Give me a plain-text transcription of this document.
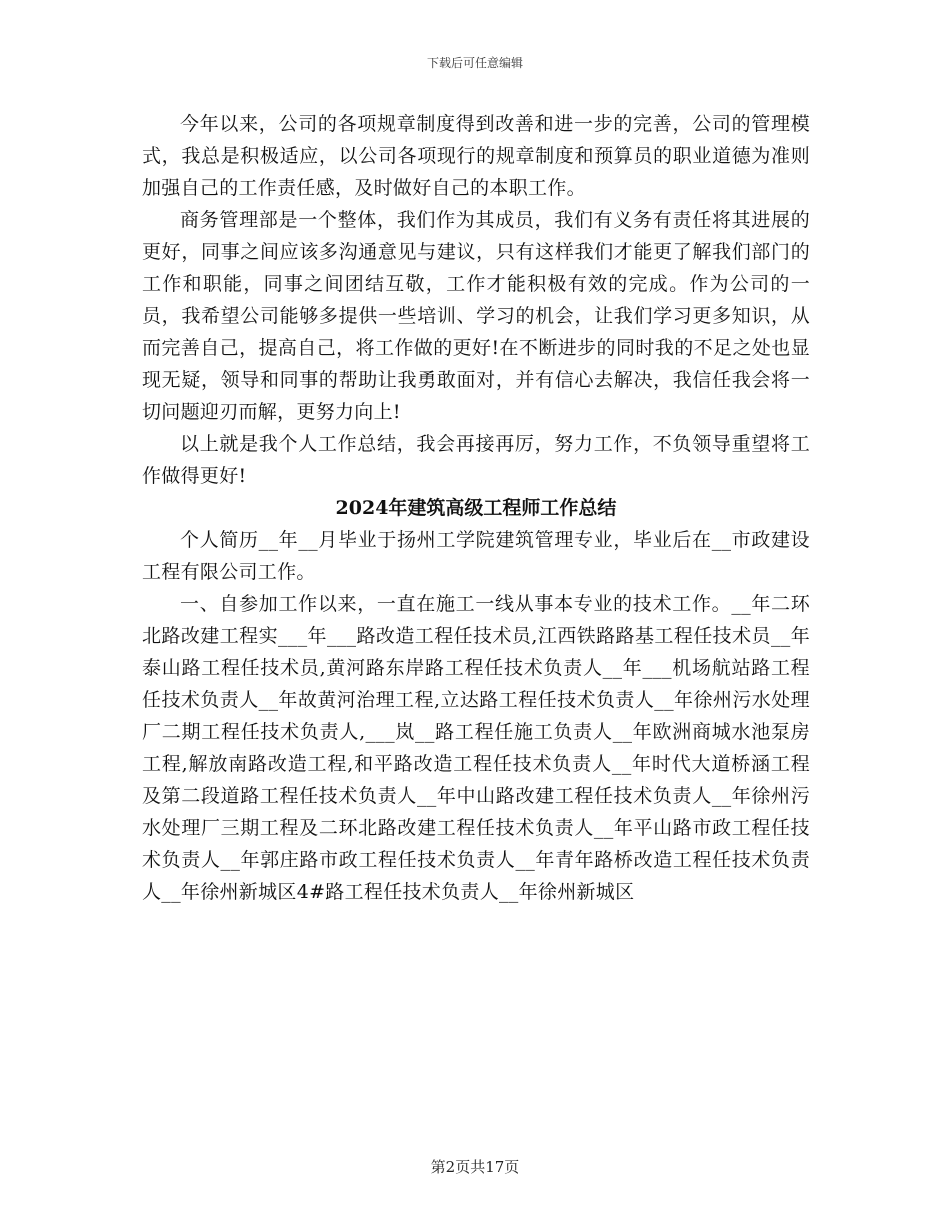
下载后可任意编辑

今年以来，公司的各项规章制度得到改善和进一步的完善，公司的管理模式，我总是积极适应，以公司各项现行的规章制度和预算员的职业道德为准则加强自己的工作责任感，及时做好自己的本职工作。

商务管理部是一个整体，我们作为其成员，我们有义务有责任将其进展的更好，同事之间应该多沟通意见与建议，只有这样我们才能更了解我们部门的工作和职能，同事之间团结互敬，工作才能积极有效的完成。作为公司的一员，我希望公司能够多提供一些培训、学习的机会，让我们学习更多知识，从而完善自己，提高自己，将工作做的更好!在不断进步的同时我的不足之处也显现无疑，领导和同事的帮助让我勇敢面对，并有信心去解决，我信任我会将一切问题迎刃而解，更努力向上!

以上就是我个人工作总结，我会再接再厉，努力工作，不负领导重望将工作做得更好!

2024年建筑高级工程师工作总结

个人简历__年__月毕业于扬州工学院建筑管理专业，毕业后在__市政建设工程有限公司工作。

一、自参加工作以来，一直在施工一线从事本专业的技术工作。__年二环北路改建工程实___年___路改造工程任技术员,江西铁路路基工程任技术员__年泰山路工程任技术员,黄河路东岸路工程任技术负责人__年___机场航站路工程任技术负责人__年故黄河治理工程,立达路工程任技术负责人__年徐州污水处理厂二期工程任技术负责人,___岚__路工程任施工负责人__年欧洲商城水池泵房工程,解放南路改造工程,和平路改造工程任技术负责人__年时代大道桥涵工程及第二段道路工程任技术负责人__年中山路改建工程任技术负责人__年徐州污水处理厂三期工程及二环北路改建工程任技术负责人__年平山路市政工程任技术负责人__年郭庄路市政工程任技术负责人__年青年路桥改造工程任技术负责人__年徐州新城区4#路工程任技术负责人__年徐州新城区

第2页共17页
